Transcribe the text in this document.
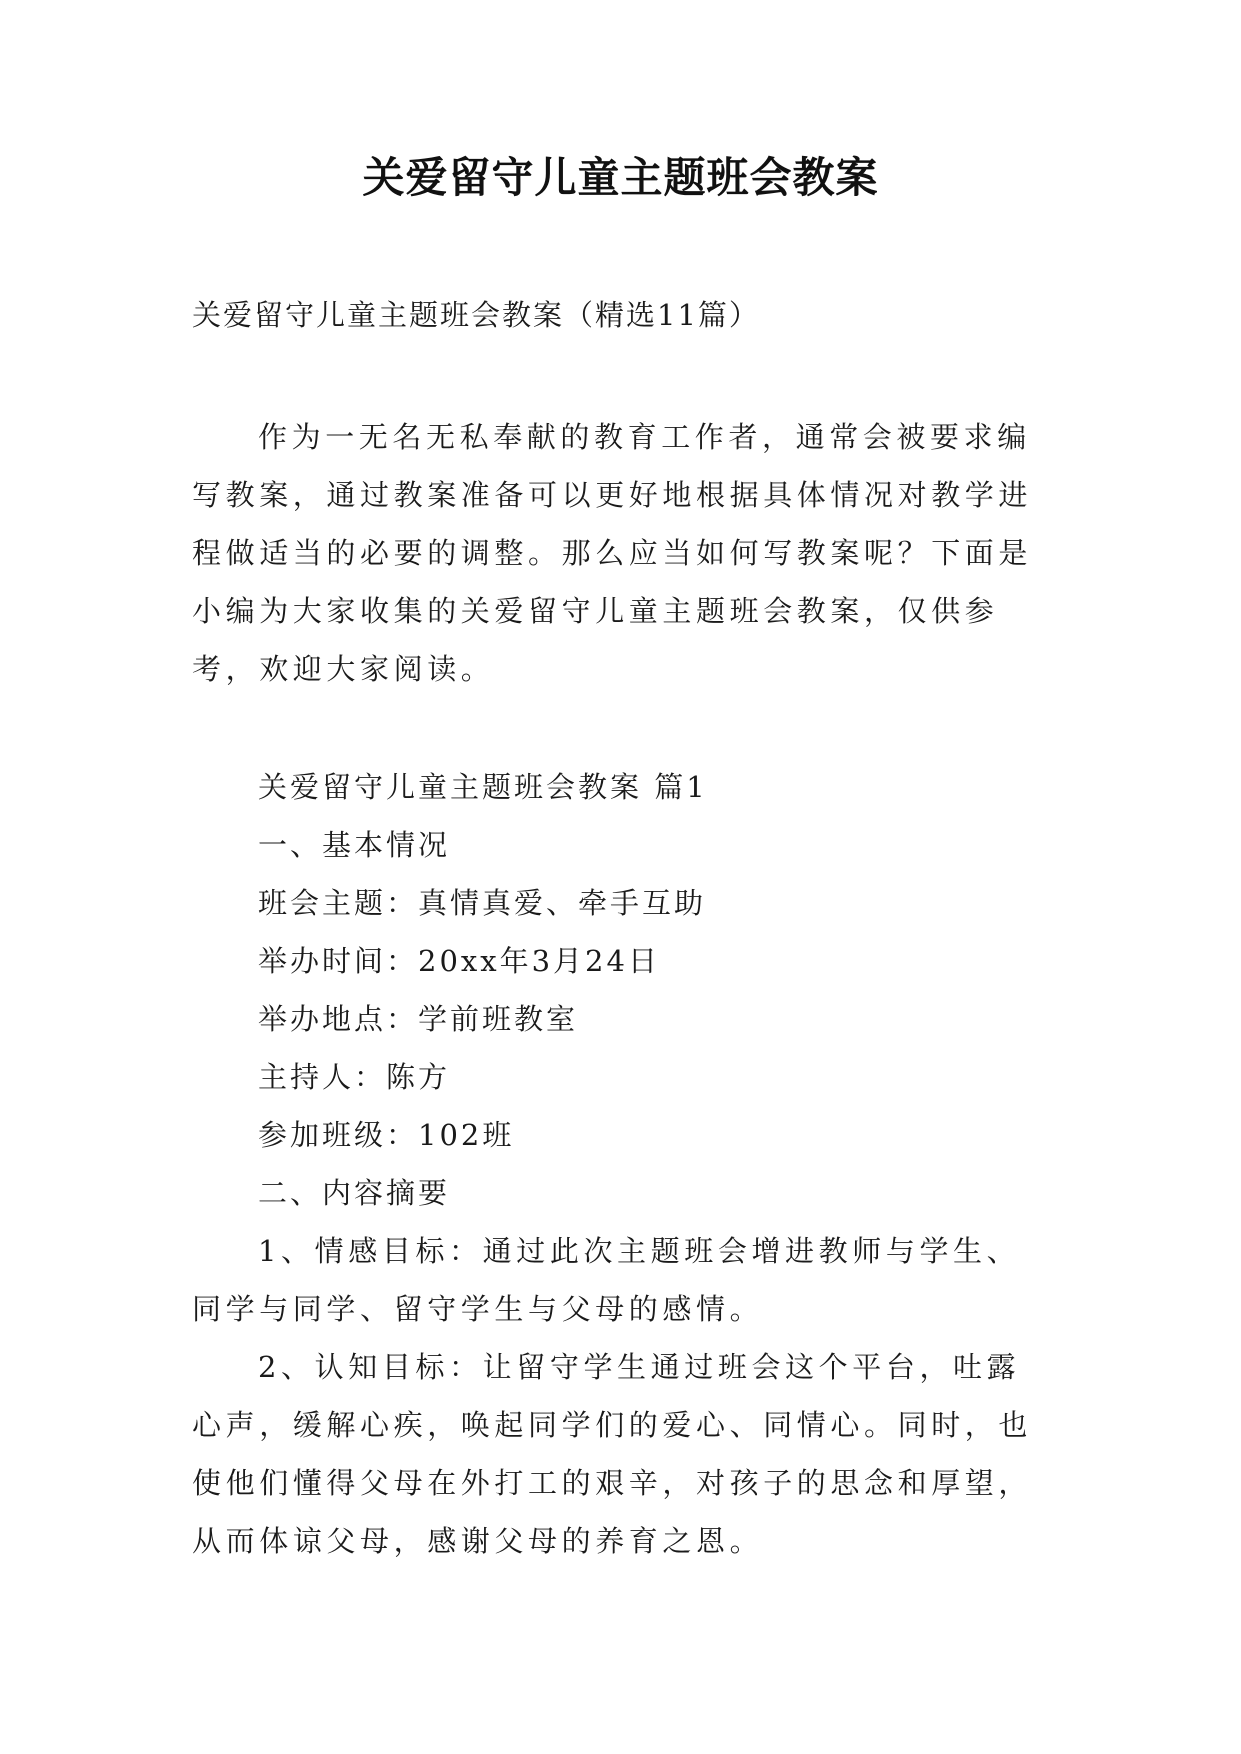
关爱留守儿童主题班会教案
关爱留守儿童主题班会教案（精选11篇）

作为一无名无私奉献的教育工作者，通常会被要求编写教案，通过教案准备可以更好地根据具体情况对教学进程做适当的必要的调整。那么应当如何写教案呢？下面是小编为大家收集的关爱留守儿童主题班会教案，仅供参考，欢迎大家阅读。

关爱留守儿童主题班会教案 篇1

一、基本情况

班会主题：真情真爱、牵手互助

举办时间：20xx年3月24日

举办地点：学前班教室

主持人：陈方

参加班级：102班

二、内容摘要

1、情感目标：通过此次主题班会增进教师与学生、同学与同学、留守学生与父母的感情。

2、认知目标：让留守学生通过班会这个平台，吐露心声，缓解心疾，唤起同学们的爱心、同情心。同时，也使他们懂得父母在外打工的艰辛，对孩子的思念和厚望，从而体谅父母，感谢父母的养育之恩。
